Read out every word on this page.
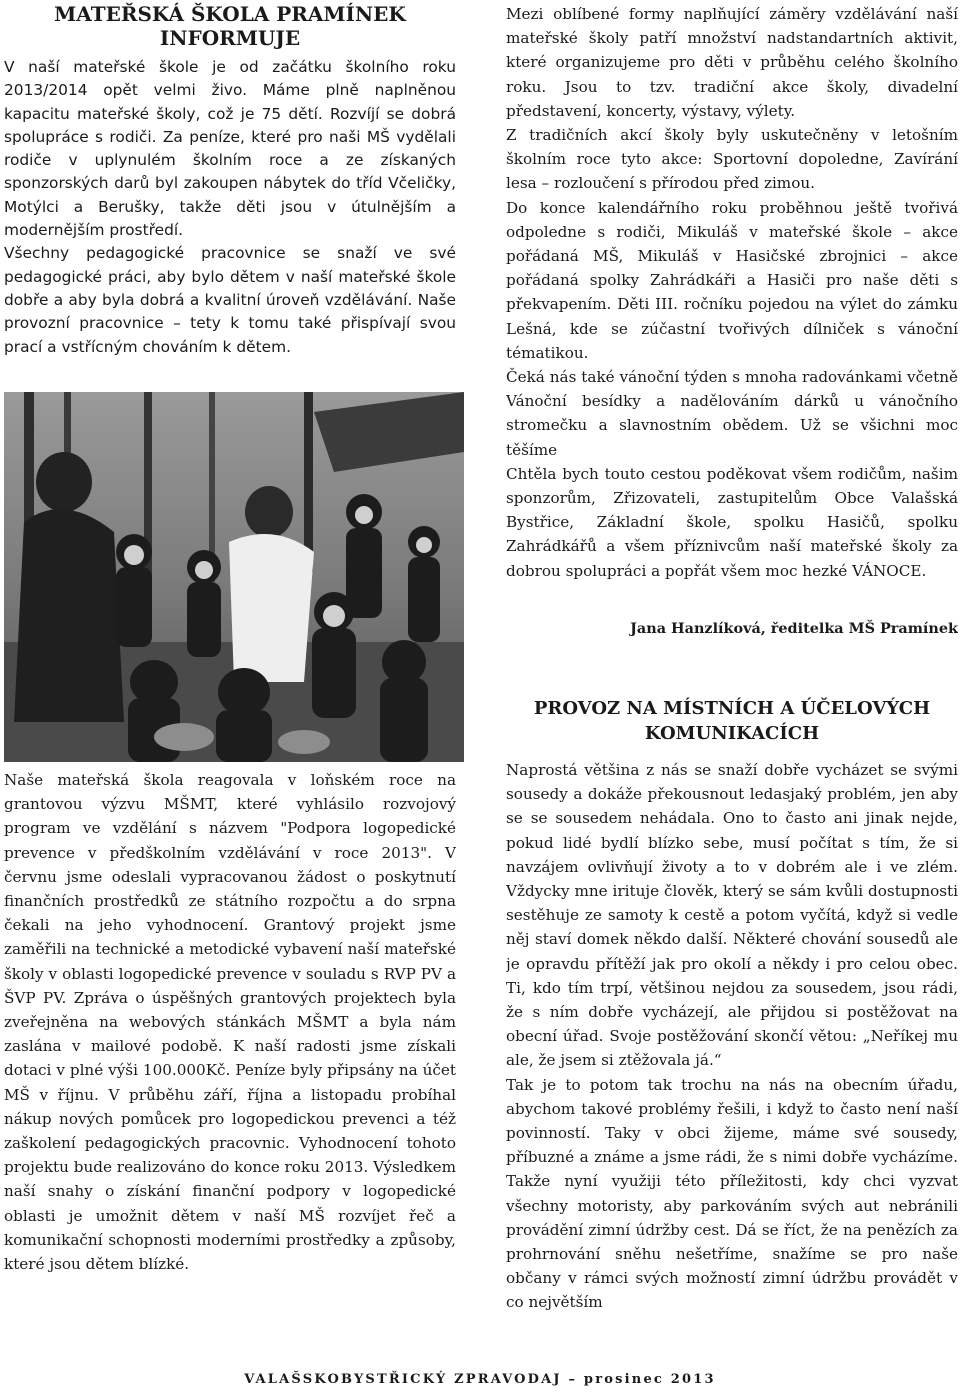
MATEŘSKÁ ŠKOLA PRAMÍNEK
INFORMUJE

V naší mateřské škole je od začátku školního roku 2013/2014 opět velmi živo. Máme plně naplněnou kapacitu mateřské školy, což je 75 dětí. Rozvíjí se dobrá spolupráce s rodiči. Za peníze, které pro naši MŠ vydělali rodiče v uplynulém školním roce a ze získaných sponzorských darů byl zakoupen nábytek do tříd Včeličky, Motýlci a Berušky, takže děti jsou v útulnějším a modernějším prostředí.

Všechny pedagogické pracovnice se snaží ve své pedagogické práci, aby bylo dětem v naší mateřské škole dobře a aby byla dobrá a kvalitní úroveň vzdělávání. Naše provozní pracovnice – tety k tomu také přispívají svou prací a vstřícným chováním k dětem.

Naše mateřská škola reagovala v loňském roce na grantovou výzvu MŠMT, které vyhlásilo rozvojový program ve vzdělání s názvem "Podpora logopedické prevence v předškolním vzdělávání v roce 2013". V červnu jsme odeslali vypracovanou žádost o poskytnutí finančních prostředků ze státního rozpočtu a do srpna čekali na jeho vyhodnocení. Grantový projekt jsme zaměřili na technické a metodické vybavení naší mateřské školy v oblasti logopedické prevence v souladu s RVP PV a ŠVP PV. Zpráva o úspěšných grantových projektech byla zveřejněna na webových stánkách MŠMT a byla nám zaslána v mailové podobě. K naší radosti jsme získali dotaci v plné výši 100.000Kč. Peníze byly připsány na účet MŠ v říjnu. V průběhu září, října a listopadu probíhal nákup nových pomůcek pro logopedickou prevenci a též zaškolení pedagogických pracovnic. Vyhodnocení tohoto projektu bude realizováno do konce roku 2013. Výsledkem naší snahy o získání finanční podpory v logopedické oblasti je umožnit dětem v naší MŠ rozvíjet řeč a komunikační schopnosti moderními prostředky a způsoby, které jsou dětem blízké.

Mezi oblíbené formy naplňující záměry vzdělávání naší mateřské školy patří množství nadstandartních aktivit, které organizujeme pro děti v průběhu celého školního roku. Jsou to tzv. tradiční akce školy, divadelní představení, koncerty, výstavy, výlety.

Z tradičních akcí školy byly uskutečněny v letošním školním roce tyto akce: Sportovní dopoledne, Zavírání lesa – rozloučení s přírodou před zimou.

Do konce kalendářního roku proběhnou ještě tvořivá odpoledne s rodiči, Mikuláš v mateřské škole – akce pořádaná MŠ, Mikuláš v Hasičské zbrojnici – akce pořádaná spolky Zahrádkáři a Hasiči pro naše děti s překvapením. Děti III. ročníku pojedou na výlet do zámku Lešná, kde se zúčastní tvořivých dílniček s vánoční tématikou.

Čeká nás také vánoční týden s mnoha radovánkami včetně Vánoční besídky a nadělováním dárků u vánočního stromečku a slavnostním obědem. Už se všichni moc těšíme

Chtěla bych touto cestou poděkovat všem rodičům, našim sponzorům, Zřizovateli, zastupitelům Obce Valašská Bystřice, Základní škole, spolku Hasičů, spolku Zahrádkářů a všem příznivcům naší mateřské školy za dobrou spolupráci a popřát všem moc hezké VÁNOCE.

Jana Hanzlíková, ředitelka MŠ Pramínek

PROVOZ NA MÍSTNÍCH A ÚČELOVÝCH
KOMUNIKACÍCH

Naprostá většina z nás se snaží dobře vycházet se svými sousedy a dokáže překousnout ledasjaký problém, jen aby se se sousedem nehádala. Ono to často ani jinak nejde, pokud lidé bydlí blízko sebe, musí počítat s tím, že si navzájem ovlivňují životy a to v dobrém ale i ve zlém. Vždycky mne irituje člověk, který se sám kvůli dostupnosti sestěhuje ze samoty k cestě a potom vyčítá, když si vedle něj staví domek někdo další. Některé chování sousedů ale je opravdu přítěží jak pro okolí a někdy i pro celou obec. Ti, kdo tím trpí, většinou nejdou za sousedem, jsou rádi, že s ním dobře vycházejí, ale přijdou si postěžovat na obecní úřad. Svoje postěžování skončí větou: „Neříkej mu ale, že jsem si ztěžovala já.“

Tak je to potom tak trochu na nás na obecním úřadu, abychom takové problémy řešili, i když to často není naší povinností. Taky v obci žijeme, máme své sousedy, příbuzné a známe a jsme rádi, že s nimi dobře vycházíme. Takže nyní využiji této příležitosti, kdy chci vyzvat všechny motoristy, aby parkováním svých aut nebránili provádění zimní údržby cest. Dá se říct, že na penězích za prohrnování sněhu nešetříme, snažíme se pro naše občany v rámci svých možností zimní údržbu provádět v co největším

VALAŠSKOBYSTŘICKÝ ZPRAVODAJ – prosinec 2013
